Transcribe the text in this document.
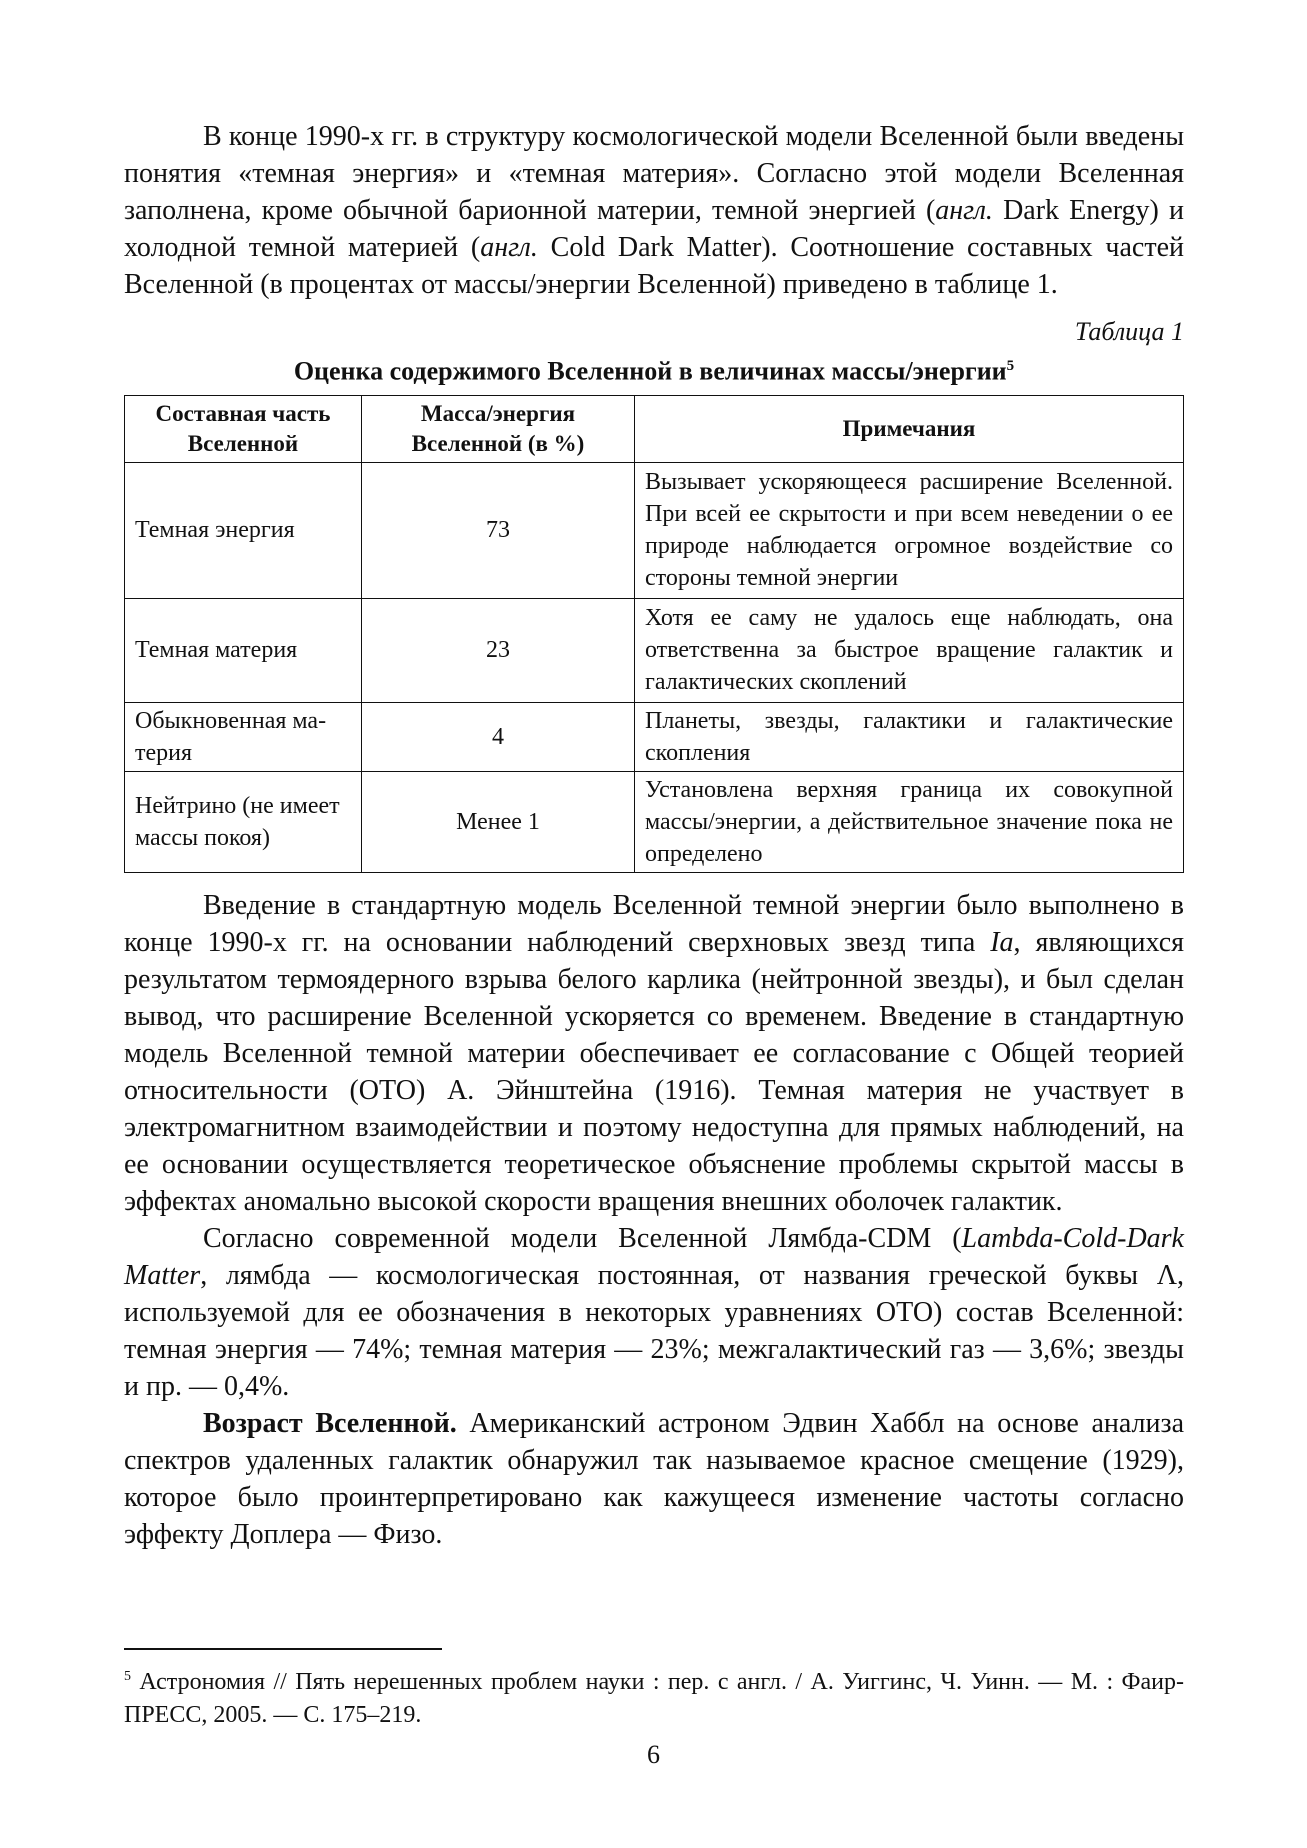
В конце 1990-х гг. в структуру космологической модели Вселенной были введены понятия «темная энергия» и «темная материя». Согласно этой модели Вселенная заполнена, кроме обычной барионной материи, темной энергией (англ. Dark Energy) и холодной темной материей (англ. Cold Dark Matter). Соотношение составных частей Вселенной (в процентах от массы/энергии Вселенной) приведено в таблице 1.

Таблица 1
Оценка содержимого Вселенной в величинах массы/энергии$^5$
Составная часть Вселенной	Масса/энергия Вселенной (в %)	Примечания
Темная энергия	73	Вызывает ускоряющееся расширение Вселенной. При всей ее скрытости и при всем неведении о ее природе наблюдается огромное воздействие со стороны темной энергии
Темная материя	23	Хотя ее саму не удалось еще наблюдать, она ответственна за быстрое вращение галактик и галактических скоплений
Обыкновенная материя	4	Планеты, звезды, галактики и галактические скопления
Нейтрино (не имеет массы покоя)	Менее 1	Установлена верхняя граница их совокупной массы/энергии, а действительное значение пока не определено

Введение в стандартную модель Вселенной темной энергии было выполнено в конце 1990-х гг. на основании наблюдений сверхновых звезд типа Ia, являющихся результатом термоядерного взрыва белого карлика (нейтронной звезды), и был сделан вывод, что расширение Вселенной ускоряется со временем. Введение в стандартную модель Вселенной темной материи обеспечивает ее согласование с Общей теорией относительности (ОТО) А. Эйнштейна (1916). Темная материя не участвует в электромагнитном взаимодействии и поэтому недоступна для прямых наблюдений, на ее основании осуществляется теоретическое объяснение проблемы скрытой массы в эффектах аномально высокой скорости вращения внешних оболочек галактик.

Согласно современной модели Вселенной Лямбда-CDM (Lambda-Cold-Dark Matter, лямбда — космологическая постоянная, от названия греческой буквы Λ, используемой для ее обозначения в некоторых уравнениях ОТО) состав Вселенной: темная энергия — 74%; темная материя — 23%; межгалактический газ — 3,6%; звезды и пр. — 0,4%.

Возраст Вселенной. Американский астроном Эдвин Хаббл на основе анализа спектров удаленных галактик обнаружил так называемое красное смещение (1929), которое было проинтерпретировано как кажущееся изменение частоты согласно эффекту Доплера — Физо.

$^5$ Астрономия // Пять нерешенных проблем науки : пер. с англ. / А. Уиггинс, Ч. Уинн. — М. : Фаир-ПРЕСС, 2005. — С. 175–219.
6
